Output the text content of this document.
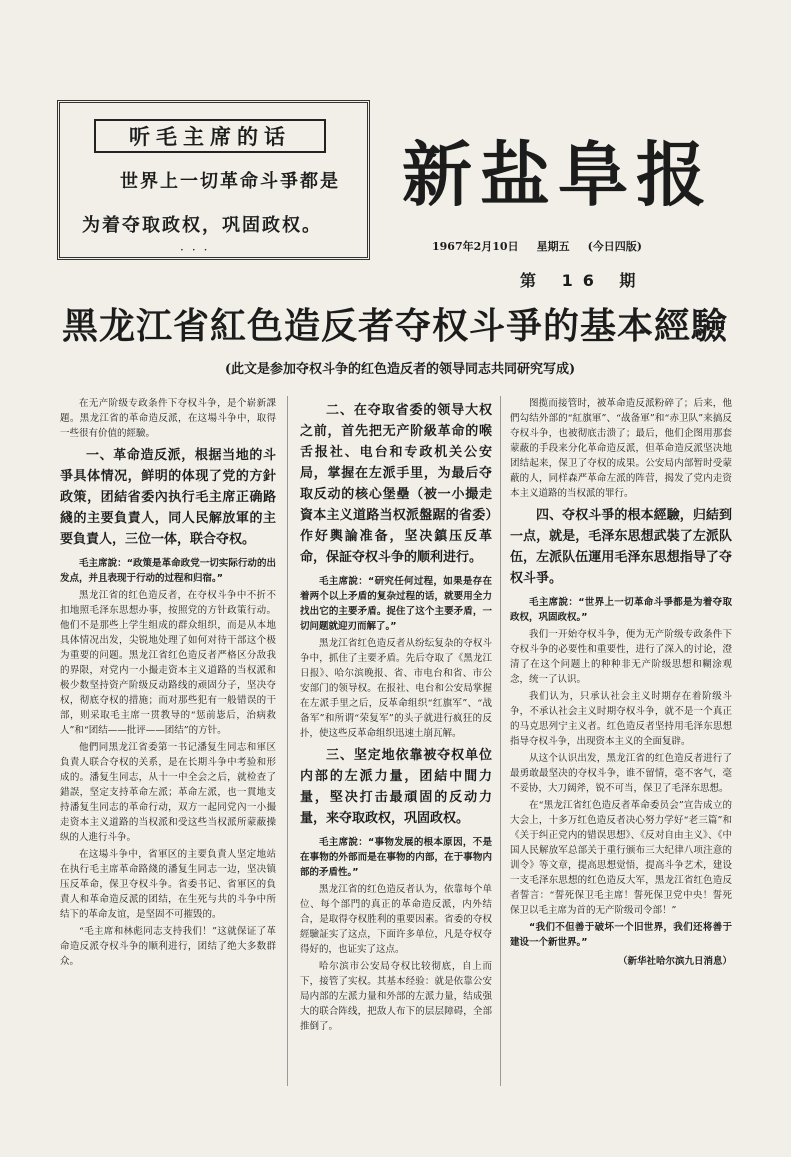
听毛主席的话
世界上一切革命斗爭都是
为着夺取政权，巩固政权。
···
新盐阜报
1967年2月10日 星期五 (今日四版)
第 16 期
黑龙江省紅色造反者夺权斗爭的基本經驗
(此文是参加夺权斗争的红色造反者的领导同志共同研究写成)

在无产阶级专政条件下夺权斗争，是个崭新課題。黑龙江省的革命造反派，在这場斗争中，取得一些很有价值的經驗。

一、革命造反派，根据当地的斗爭具体情况，鲜明的体现了党的方針政策，团結省委內执行毛主席正确路綫的主要負責人，同人民解放軍的主要負責人，三位一体，联合夺权。

毛主席說：“政策是革命政党一切实际行动的出发点，并且表现于行动的过程和归宿。”

黑龙江省的红色造反者，在夺权斗争中不折不扣地照毛泽东思想办事，按照党的方针政策行动。他们不是那些上学生组成的群众组织，而是从本地具体情况出发，尖锐地处理了如何对待干部这个极为重要的问题。黑龙江省红色造反者严格区分敌我的界限，对党内一小撮走资本主义道路的当权派和极少数坚持资产阶级反动路线的顽固分子，坚决夺权，彻底夺权的措施；而对那些犯有一般错误的干部，则采取毛主席一贯教导的“惩前毖后，治病救人”和“团结——批评——团结”的方针。

他們同黑龙江省委第一书记潘复生同志和軍区負責人联合夺权的关系，是在长期斗争中考验和形成的。潘复生同志，从十一中全会之后，就检查了錯誤，坚定支持革命左派；革命左派，也一貫地支持潘复生同志的革命行动，双方一起同党內一小撮走资本主义道路的当权派和受这些当权派所蒙蔽操纵的人進行斗争。

在这場斗争中，省軍区的主要負責人坚定地站在执行毛主席革命路綫的潘复生同志一边，坚决镇压反革命，保卫夺权斗争。省委书记、省軍区的負責人和革命造反派的团结，在生死与共的斗争中所结下的革命友谊，是坚固不可摧毁的。

“毛主席和林彪同志支持我们！”这就保证了革命造反派夺权斗争的顺利进行，团结了绝大多数群众。

二、在夺取省委的领导大权之前，首先把无产阶級革命的喉舌报社、电台和专政机关公安局，掌握在左派手里，为最后夺取反动的核心堡壘（被一小撮走資本主义道路当权派盤踞的省委）作好輿論准备，坚决鎮压反革命，保証夺权斗争的顺利进行。

毛主席說：“研究任何过程，如果是存在着两个以上矛盾的复杂过程的话，就要用全力找出它的主要矛盾。捉住了这个主要矛盾，一切问题就迎刃而解了。”

黑龙江省红色造反者从纷纭复杂的夺权斗争中，抓住了主要矛盾。先后夺取了《黑龙江日报》、哈尔滨晚报、省、市电台和省、市公安部门的领导权。在报社、电台和公安局掌握在左派手里之后，反革命组织“红旗军”、“战备军”和所谓“荣复军”的头子就进行疯狂的反扑，使这些反革命组织迅速土崩瓦解。

三、坚定地依靠被夺权单位内部的左派力量，团結中間力量，堅决打击最頑固的反动力量，来夺取政权，巩固政权。

毛主席說：“事物发展的根本原因，不是在事物的外部而是在事物的内部，在于事物内部的矛盾性。”

黑龙江省的红色造反者认为，依靠每个单位、每个部門的真正的革命造反派，内外结合，是取得夺权胜利的重要因素。省委的夺权經驗証实了这点，下面许多单位，凡是夺权夺得好的，也证实了这点。

哈尔滨市公安局夺权比较彻底，自上而下，接管了实权。其基本经验：就是依靠公安局内部的左派力量和外部的左派力量，结成强大的联合阵线，把敌人布下的层层障碍，全部推倒了。

图揽而接管时，被革命造反派粉碎了；后来，他們勾结外部的“紅旗軍”、“战备軍”和“赤卫队”来搞反夺权斗争，也被彻底击溃了；最后，他们企图用那套蒙蔽的手段来分化革命造反派，但革命造反派坚决地团结起来，保卫了夺权的成果。公安局内部暂时受蒙蔽的人，同样森严革命左派的阵营，揭发了党内走资本主义道路的当权派的罪行。

四、夺权斗爭的根本經驗，归結到一点，就是，毛泽东思想武裝了左派队伍，左派队伍運用毛泽东思想指导了夺权斗爭。

毛主席說：“世界上一切革命斗爭都是为着夺取政权，巩固政权。”

我们一开始夺权斗争，便为无产阶级专政条件下夺权斗争的必要性和重要性，进行了深入的讨论，澄清了在这个问题上的种种非无产阶级思想和糊涂观念，统一了认识。

我们认为，只承认社会主义时期存在着阶级斗争，不承认社会主义时期夺权斗争，就不是一个真正的马克思列宁主义者。红色造反者坚持用毛泽东思想指导夺权斗争，出现资本主义的全面复辟。

从这个认识出发，黑龙江省的红色造反者进行了最勇敢最坚决的夺权斗争，谁不留情，毫不客气，毫不妥协，大刀阔斧，锐不可当，保卫了毛泽东思想。

在“黑龙江省红色造反者革命委员会”宣告成立的大会上，十多万红色造反者决心努力学好“老三篇”和《关于纠正党内的错误思想》、《反对自由主义》、《中国人民解放军总部关于重行颁布三大纪律八项注意的训令》等文章，提高思想觉悟，提高斗争艺术，建设一支毛泽东思想的红色造反大军，黑龙江省红色造反者誓言：“誓死保卫毛主席！誓死保卫党中央！誓死保卫以毛主席为首的无产阶级司令部！”

“我们不但善于破坏一个旧世界，我们还将善于建设一个新世界。”

（新华社哈尔滨九日消息）
